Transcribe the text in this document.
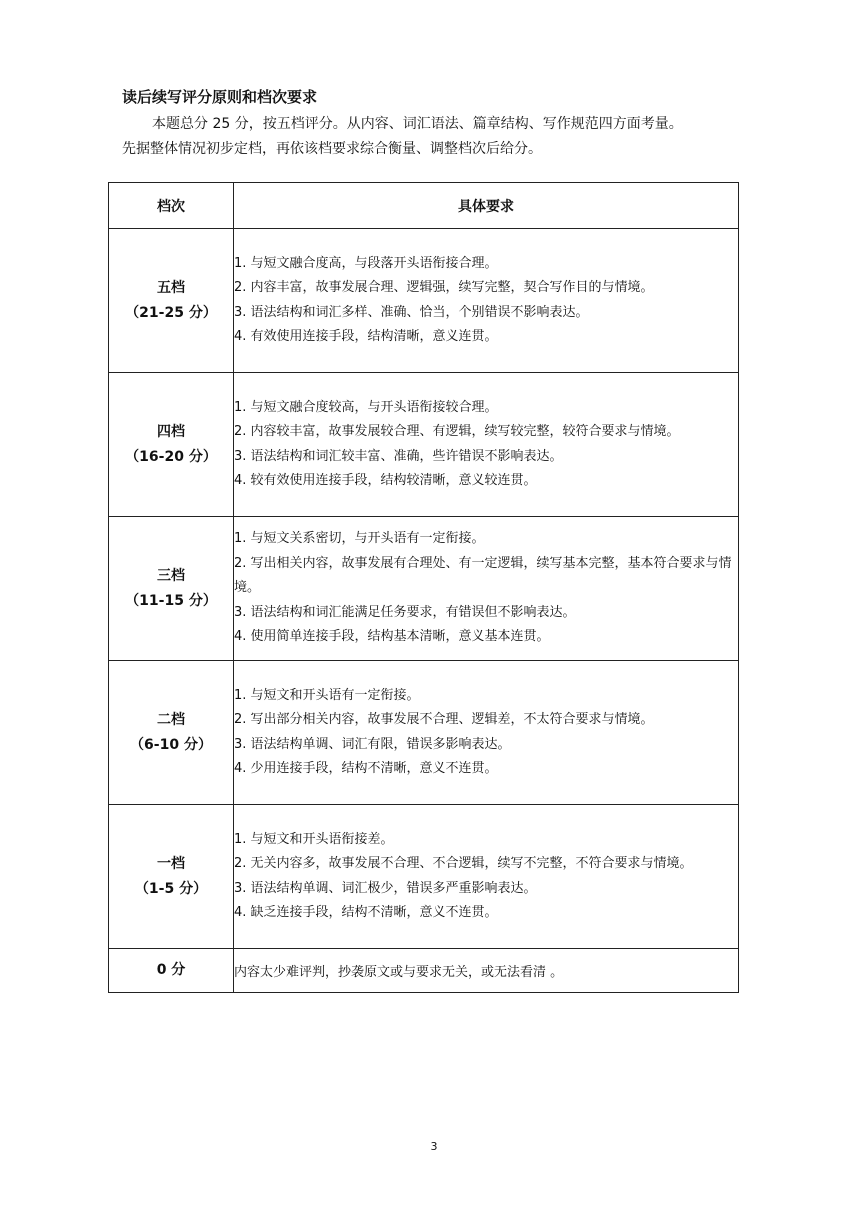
读后续写评分原则和档次要求

本题总分 25 分，按五档评分。从内容、词汇语法、篇章结构、写作规范四方面考量。
先据整体情况初步定档，再依该档要求综合衡量、调整档次后给分。

档次	具体要求

五档
（21-25 分）	1. 与短文融合度高，与段落开头语衔接合理。
2. 内容丰富，故事发展合理、逻辑强，续写完整，契合写作目的与情境。
3. 语法结构和词汇多样、准确、恰当，个别错误不影响表达。
4. 有效使用连接手段，结构清晰，意义连贯。

四档
（16-20 分）	1. 与短文融合度较高，与开头语衔接较合理。
2. 内容较丰富，故事发展较合理、有逻辑，续写较完整，较符合要求与情境。
3. 语法结构和词汇较丰富、准确，些许错误不影响表达。
4. 较有效使用连接手段，结构较清晰，意义较连贯。

三档
（11-15 分）	1. 与短文关系密切，与开头语有一定衔接。
2. 写出相关内容，故事发展有合理处、有一定逻辑，续写基本完整，基本符合要求与情境。
3. 语法结构和词汇能满足任务要求，有错误但不影响表达。
4. 使用简单连接手段，结构基本清晰，意义基本连贯。

二档
（6-10 分）	1. 与短文和开头语有一定衔接。
2. 写出部分相关内容，故事发展不合理、逻辑差，不太符合要求与情境。
3. 语法结构单调、词汇有限，错误多影响表达。
4. 少用连接手段，结构不清晰，意义不连贯。

一档
（1-5 分）	1. 与短文和开头语衔接差。
2. 无关内容多，故事发展不合理、不合逻辑，续写不完整，不符合要求与情境。
3. 语法结构单调、词汇极少，错误多严重影响表达。
4. 缺乏连接手段，结构不清晰，意义不连贯。

0 分	内容太少难评判，抄袭原文或与要求无关，或无法看清 。
3
